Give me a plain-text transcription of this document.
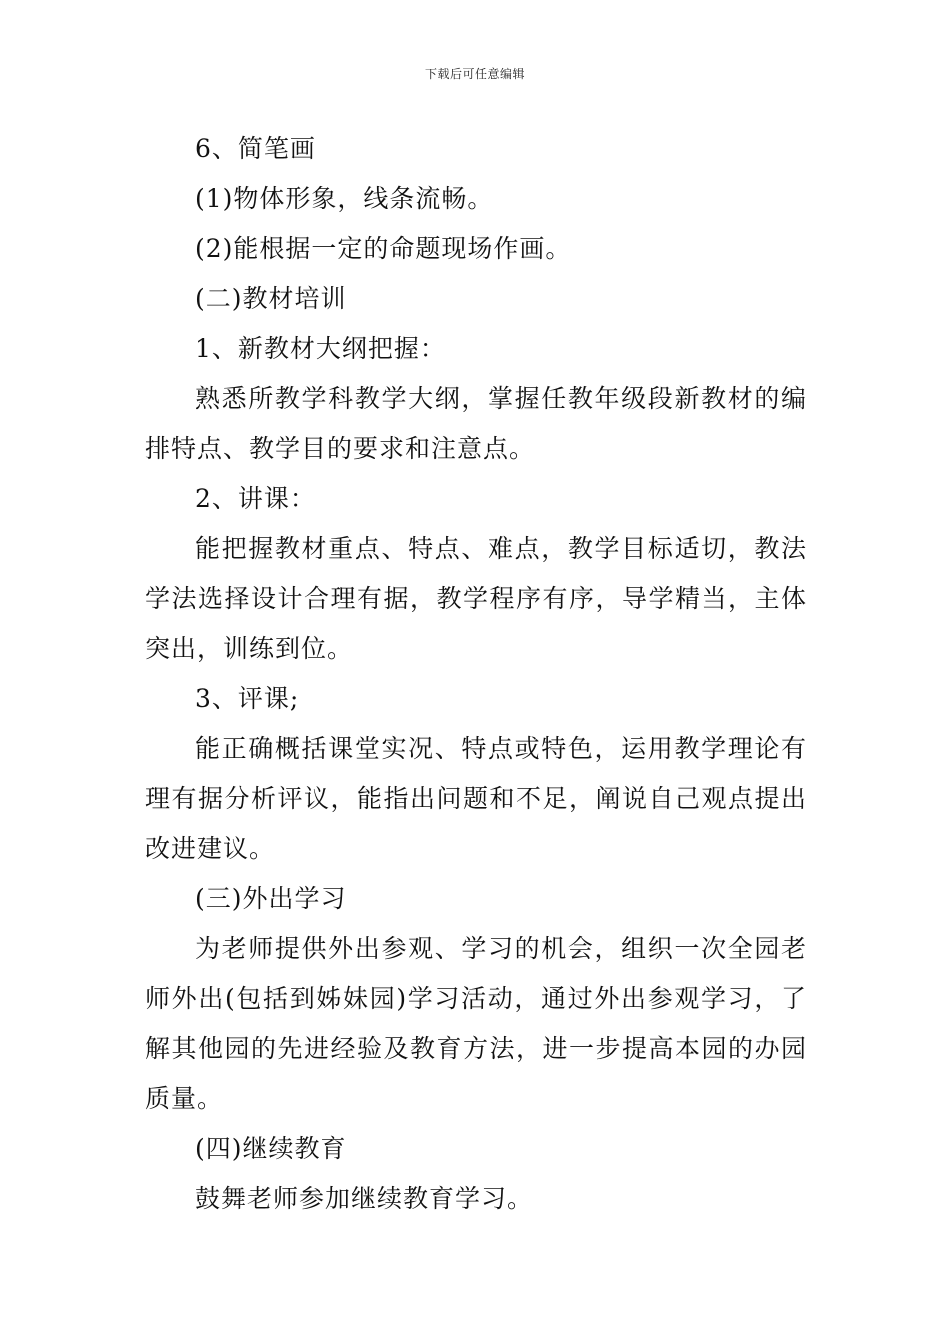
下载后可任意编辑

6、简笔画

(1)物体形象，线条流畅。

(2)能根据一定的命题现场作画。

(二)教材培训

1、新教材大纲把握：

熟悉所教学科教学大纲，掌握任教年级段新教材的编排特点、教学目的要求和注意点。

2、讲课：

能把握教材重点、特点、难点，教学目标适切，教法学法选择设计合理有据，教学程序有序，导学精当，主体突出，训练到位。

3、评课;

能正确概括课堂实况、特点或特色，运用教学理论有理有据分析评议，能指出问题和不足，阐说自己观点提出改进建议。

(三)外出学习

为老师提供外出参观、学习的机会，组织一次全园老师外出(包括到姊妹园)学习活动，通过外出参观学习，了解其他园的先进经验及教育方法，进一步提高本园的办园质量。

(四)继续教育

鼓舞老师参加继续教育学习。
